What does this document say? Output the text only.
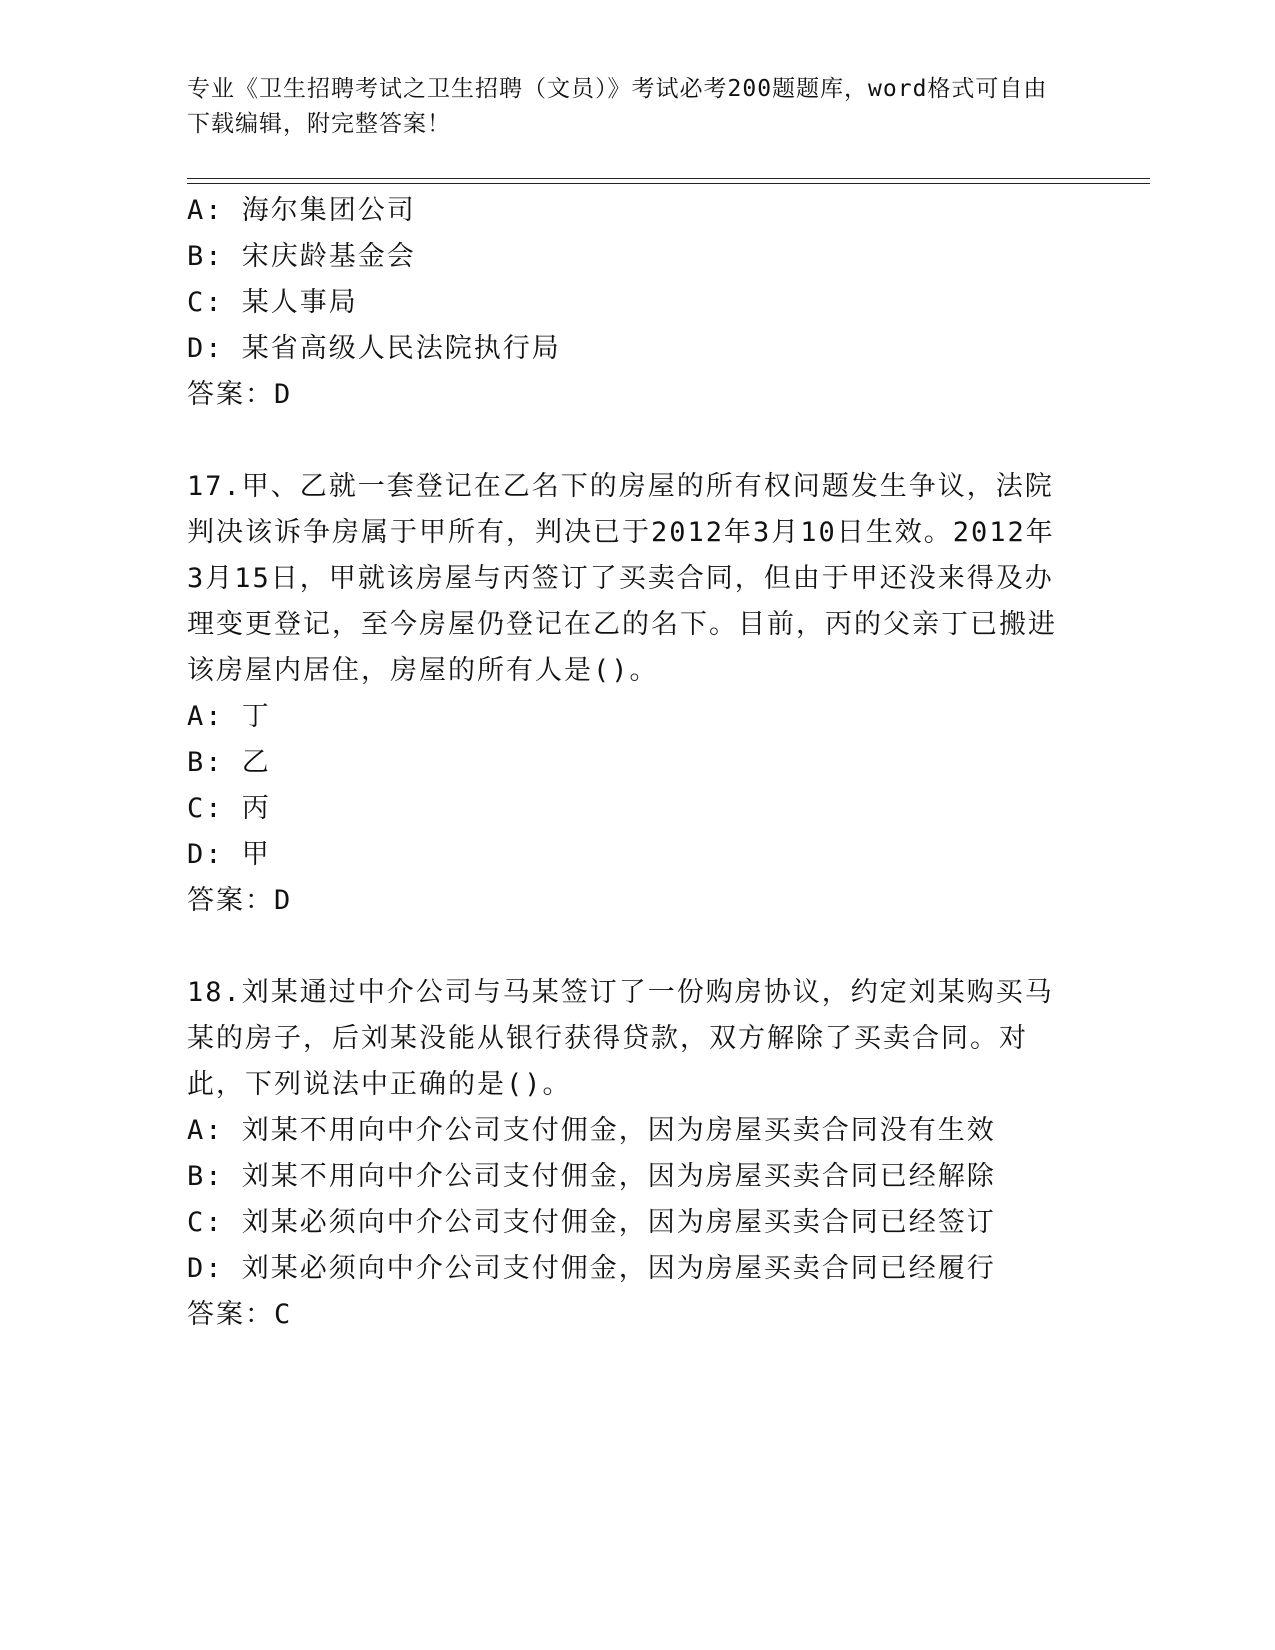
专业《卫生招聘考试之卫生招聘（文员）》考试必考200题题库，word格式可自由下载编辑，附完整答案！
A: 海尔集团公司
B: 宋庆龄基金会
C: 某人事局
D: 某省高级人民法院执行局
答案：D
17.甲、乙就一套登记在乙名下的房屋的所有权问题发生争议，法院判决该诉争房属于甲所有，判决已于2012年3月10日生效。2012年3月15日，甲就该房屋与丙签订了买卖合同，但由于甲还没来得及办理变更登记，至今房屋仍登记在乙的名下。目前，丙的父亲丁已搬进该房屋内居住，房屋的所有人是()。
A: 丁
B: 乙
C: 丙
D: 甲
答案：D
18.刘某通过中介公司与马某签订了一份购房协议，约定刘某购买马某的房子，后刘某没能从银行获得贷款，双方解除了买卖合同。对此，下列说法中正确的是()。
A: 刘某不用向中介公司支付佣金，因为房屋买卖合同没有生效
B: 刘某不用向中介公司支付佣金，因为房屋买卖合同已经解除
C: 刘某必须向中介公司支付佣金，因为房屋买卖合同已经签订
D: 刘某必须向中介公司支付佣金，因为房屋买卖合同已经履行
答案：C
